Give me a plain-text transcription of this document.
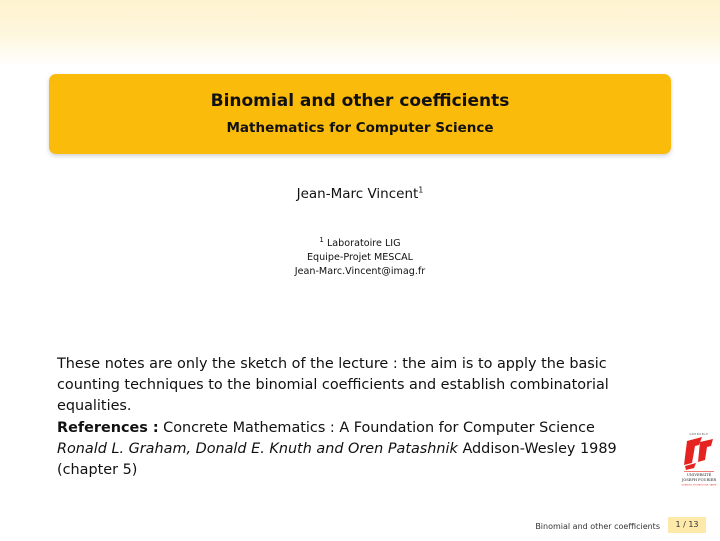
Binomial and other coefficients
Mathematics for Computer Science
Jean-Marc Vincent$^1$
$^1$ Laboratoire LIG
Equipe-Projet MESCAL
Jean-Marc.Vincent@imag.fr
These notes are only the sketch of the lecture : the aim is to apply the basic counting techniques to the binomial coefficients and establish combinatorial equalities.
References : Concrete Mathematics : A Foundation for Computer Science
Ronald L. Graham, Donald E. Knuth and Oren Patashnik Addison-Wesley 1989 (chapter 5)
GRENOBLE
UNIVERSITÉ
JOSEPH FOURIER
SCIENCES. TECHNOLOGIE. SANTÉ
Binomial and other coefficients	1 / 13
